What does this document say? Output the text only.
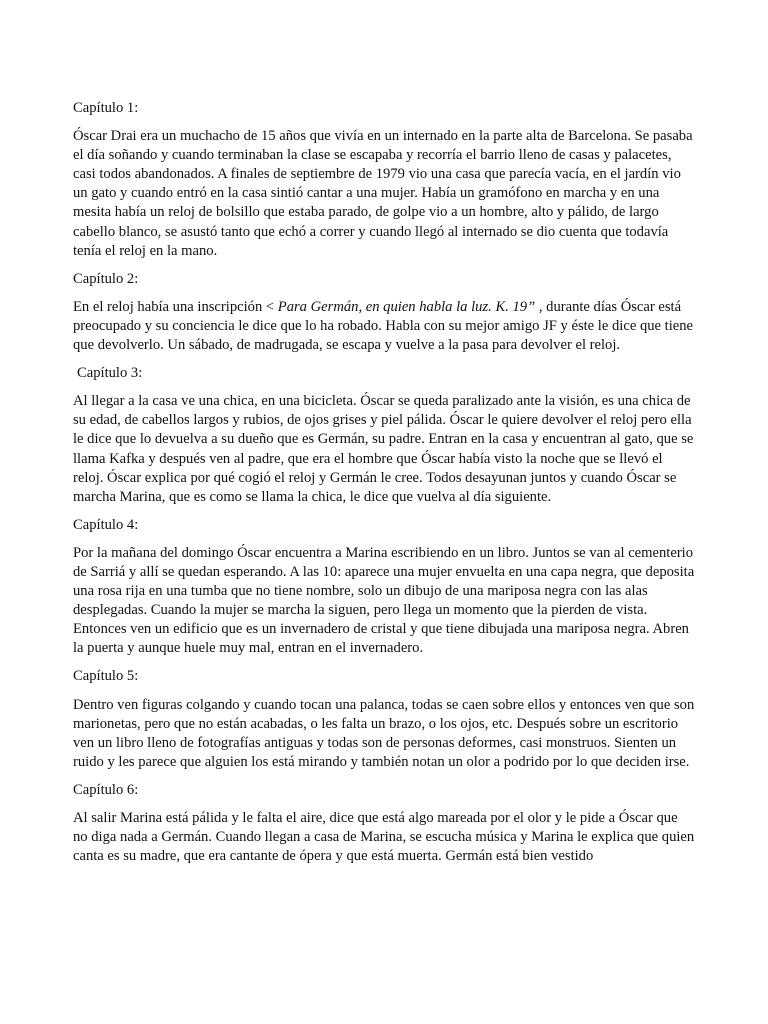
Capítulo 1:

Óscar Drai era un muchacho de 15 años que vivía en un internado en la parte alta de Barcelona. Se pasaba el día soñando y cuando terminaban la clase se escapaba y recorría el barrio lleno de casas y palacetes, casi todos abandonados. A finales de septiembre de 1979 vio una casa que parecía vacía, en el jardín vio un gato y cuando entró en la casa sintió cantar a una mujer. Había un gramófono en marcha y en una mesita había un reloj de bolsillo que estaba parado, de golpe vio a un hombre, alto y pálido, de largo cabello blanco, se asustó tanto que echó a correr y cuando llegó al internado se dio cuenta que todavía tenía el reloj en la mano.

Capítulo 2:

En el reloj había una inscripción < Para Germán, en quien habla la luz. K. 19” , durante días Óscar está preocupado y su conciencia le dice que lo ha robado. Habla con su mejor amigo JF y éste le dice que tiene que devolverlo. Un sábado, de madrugada, se escapa y vuelve a la pasa para devolver el reloj.

Capítulo 3:

Al llegar a la casa ve una chica, en una bicicleta. Óscar se queda paralizado ante la visión, es una chica de su edad, de cabellos largos y rubios, de ojos grises y piel pálida. Óscar le quiere devolver el reloj pero ella le dice que lo devuelva a su dueño que es Germán, su padre. Entran en la casa y encuentran al gato, que se llama Kafka y después ven al padre, que era el hombre que Óscar había visto la noche que se llevó el reloj. Óscar explica por qué cogió el reloj y Germán le cree. Todos desayunan juntos y cuando Óscar se marcha Marina, que es como se llama la chica, le dice que vuelva al día siguiente.

Capítulo 4:

Por la mañana del domingo Óscar encuentra a Marina escribiendo en un libro. Juntos se van al cementerio de Sarriá y allí se quedan esperando. A las 10: aparece una mujer envuelta en una capa negra, que deposita una rosa rija en una tumba que no tiene nombre, solo un dibujo de una mariposa negra con las alas desplegadas. Cuando la mujer se marcha la siguen, pero llega un momento que la pierden de vista. Entonces ven un edificio que es un invernadero de cristal y que tiene dibujada una mariposa negra. Abren la puerta y aunque huele muy mal, entran en el invernadero.

Capítulo 5:

Dentro ven figuras colgando y cuando tocan una palanca, todas se caen sobre ellos y entonces ven que son marionetas, pero que no están acabadas, o les falta un brazo, o los ojos, etc. Después sobre un escritorio ven un libro lleno de fotografías antiguas y todas son de personas deformes, casi monstruos. Sienten un ruido y les parece que alguien los está mirando y también notan un olor a podrido por lo que deciden irse.

Capítulo 6:

Al salir Marina está pálida y le falta el aire, dice que está algo mareada por el olor y le pide a Óscar que no diga nada a Germán. Cuando llegan a casa de Marina, se escucha música y Marina le explica que quien canta es su madre, que era cantante de ópera y que está muerta. Germán está bien vestido
